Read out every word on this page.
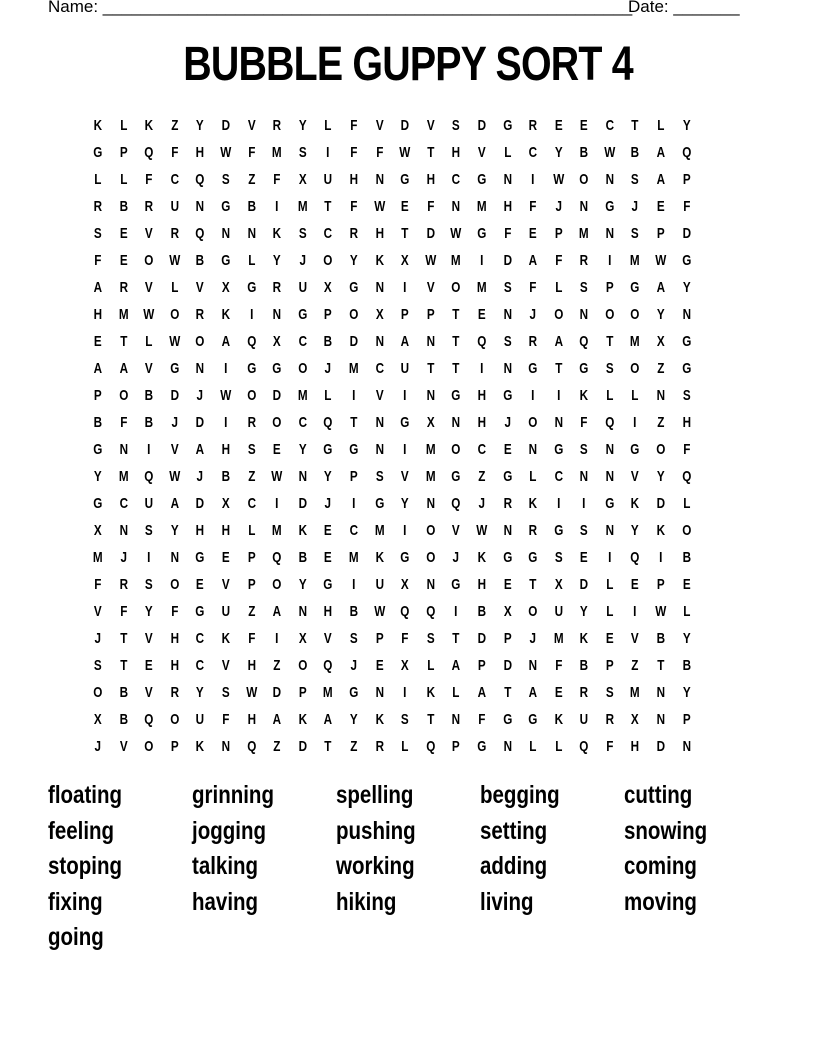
Name: ________________________________________________________
Date: _______
BUBBLE GUPPY SORT 4
K	L	K	Z	Y	D	V	R	Y	L	F	V	D	V	S	D	G	R	E	E	C	T	L	Y
G	P	Q	F	H	W	F	M	S	I	F	F	W	T	H	V	L	C	Y	B	W	B	A	Q
L	L	F	C	Q	S	Z	F	X	U	H	N	G	H	C	G	N	I	W	O	N	S	A	P
R	B	R	U	N	G	B	I	M	T	F	W	E	F	N	M	H	F	J	N	G	J	E	F
S	E	V	R	Q	N	N	K	S	C	R	H	T	D	W	G	F	E	P	M	N	S	P	D
F	E	O	W	B	G	L	Y	J	O	Y	K	X	W	M	I	D	A	F	R	I	M	W	G
A	R	V	L	V	X	G	R	U	X	G	N	I	V	O	M	S	F	L	S	P	G	A	Y
H	M	W	O	R	K	I	N	G	P	O	X	P	P	T	E	N	J	O	N	O	O	Y	N
E	T	L	W	O	A	Q	X	C	B	D	N	A	N	T	Q	S	R	A	Q	T	M	X	G
A	A	V	G	N	I	G	G	O	J	M	C	U	T	T	I	N	G	T	G	S	O	Z	G
P	O	B	D	J	W	O	D	M	L	I	V	I	N	G	H	G	I	I	K	L	L	N	S
B	F	B	J	D	I	R	O	C	Q	T	N	G	X	N	H	J	O	N	F	Q	I	Z	H
G	N	I	V	A	H	S	E	Y	G	G	N	I	M	O	C	E	N	G	S	N	G	O	F
Y	M	Q	W	J	B	Z	W	N	Y	P	S	V	M	G	Z	G	L	C	N	N	V	Y	Q
G	C	U	A	D	X	C	I	D	J	I	G	Y	N	Q	J	R	K	I	I	G	K	D	L
X	N	S	Y	H	H	L	M	K	E	C	M	I	O	V	W	N	R	G	S	N	Y	K	O
M	J	I	N	G	E	P	Q	B	E	M	K	G	O	J	K	G	G	S	E	I	Q	I	B
F	R	S	O	E	V	P	O	Y	G	I	U	X	N	G	H	E	T	X	D	L	E	P	E
V	F	Y	F	G	U	Z	A	N	H	B	W	Q	Q	I	B	X	O	U	Y	L	I	W	L
J	T	V	H	C	K	F	I	X	V	S	P	F	S	T	D	P	J	M	K	E	V	B	Y
S	T	E	H	C	V	H	Z	O	Q	J	E	X	L	A	P	D	N	F	B	P	Z	T	B
O	B	V	R	Y	S	W	D	P	M	G	N	I	K	L	A	T	A	E	R	S	M	N	Y
X	B	Q	O	U	F	H	A	K	A	Y	K	S	T	N	F	G	G	K	U	R	X	N	P
J	V	O	P	K	N	Q	Z	D	T	Z	R	L	Q	P	G	N	L	L	Q	F	H	D	N
floating	grinning	spelling	begging	cutting
feeling	jogging	pushing	setting	snowing
stoping	talking	working	adding	coming
fixing	having	hiking	living	moving
going
